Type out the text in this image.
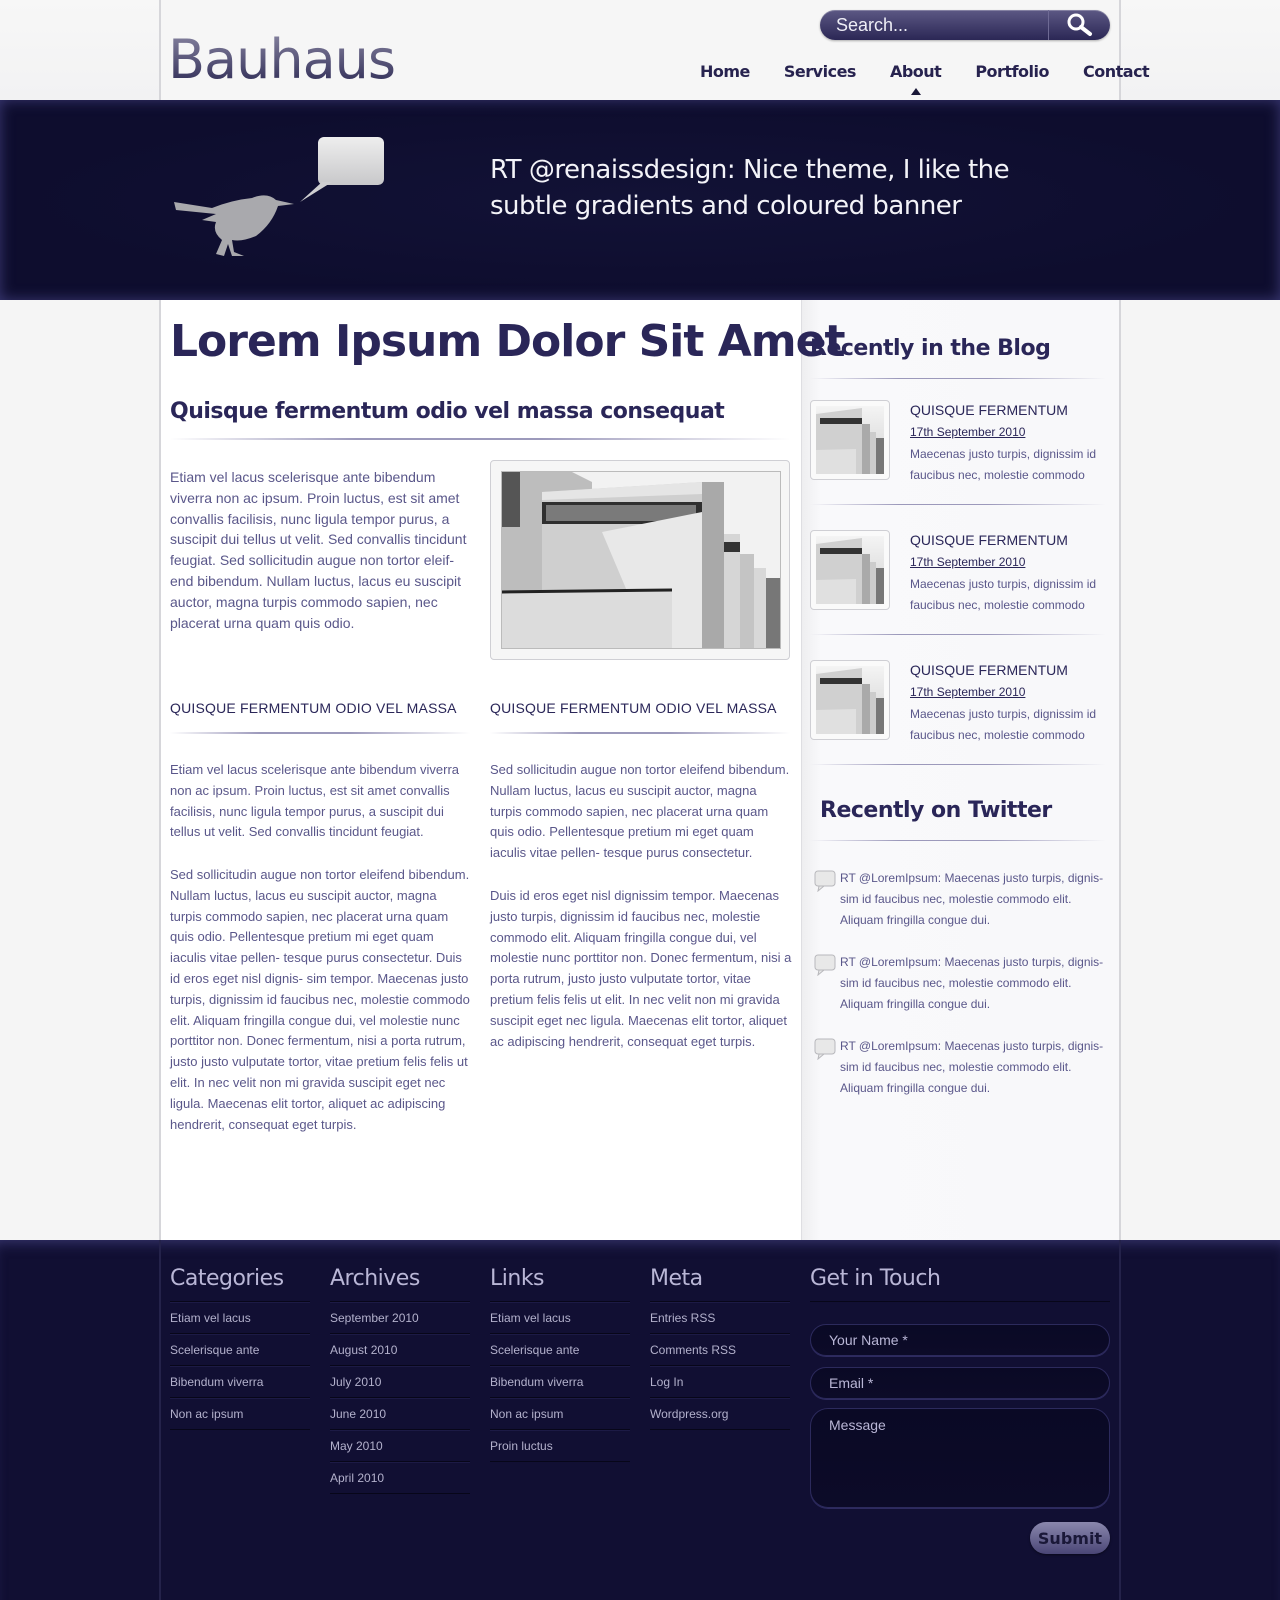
Bauhaus
Search...	Home Services About Portfolio Contact
RT @renaissdesign: Nice theme, I like the subtle gradients and coloured banner
Lorem Ipsum Dolor Sit Amet
Quisque fermentum odio vel massa consequat

Etiam vel lacus scelerisque ante bibendum viverra non ac ipsum. Proin luctus, est sit amet convallis facilisis, nunc ligula tempor purus, a suscipit dui tellus ut velit. Sed convallis tincidunt feugiat. Sed sollicitudin augue non tortor eleif- end bibendum. Nullam luctus, lacus eu suscipit auctor, magna turpis commodo sapien, nec placerat urna quam quis odio.

QUISQUE FERMENTUM ODIO VEL MASSA

Etiam vel lacus scelerisque ante bibendum viverra non ac ipsum. Proin luctus, est sit amet convallis facilisis, nunc ligula tempor purus, a suscipit dui tellus ut velit. Sed convallis tincidunt feugiat.

Sed sollicitudin augue non tortor eleifend bibendum. Nullam luctus, lacus eu suscipit auctor, magna turpis commodo sapien, nec placerat urna quam quis odio. Pellentesque pretium mi eget quam iaculis vitae pellen- tesque purus consectetur. Duis id eros eget nisl dignis- sim tempor. Maecenas justo turpis, dignissim id faucibus nec, molestie commodo elit. Aliquam fringilla congue dui, vel molestie nunc porttitor non. Donec fermentum, nisi a porta rutrum, justo justo vulputate tortor, vitae pretium felis felis ut elit. In nec velit non mi gravida suscipit eget nec ligula. Maecenas elit tortor, aliquet ac adipiscing hendrerit, consequat eget turpis.

QUISQUE FERMENTUM ODIO VEL MASSA

Sed sollicitudin augue non tortor eleifend bibendum. Nullam luctus, lacus eu suscipit auctor, magna turpis commodo sapien, nec placerat urna quam quis odio. Pellentesque pretium mi eget quam iaculis vitae pellen- tesque purus consectetur.

Duis id eros eget nisl dignissim tempor. Maecenas justo turpis, dignissim id faucibus nec, molestie commodo elit. Aliquam fringilla congue dui, vel molestie nunc porttitor non. Donec fermentum, nisi a porta rutrum, justo justo vulputate tortor, vitae pretium felis felis ut elit. In nec velit non mi gravida suscipit eget nec ligula. Maecenas elit tortor, aliquet ac adipiscing hendrerit, consequat eget turpis.

Recently in the Blog
QUISQUE FERMENTUM
17th September 2010
Maecenas justo turpis, dignissim id faucibus nec, molestie commodo
QUISQUE FERMENTUM
17th September 2010
Maecenas justo turpis, dignissim id faucibus nec, molestie commodo
QUISQUE FERMENTUM
17th September 2010
Maecenas justo turpis, dignissim id faucibus nec, molestie commodo
Recently on Twitter
RT @LoremIpsum: Maecenas justo turpis, dignis- sim id faucibus nec, molestie commodo elit. Aliquam fringilla congue dui.
RT @LoremIpsum: Maecenas justo turpis, dignis- sim id faucibus nec, molestie commodo elit. Aliquam fringilla congue dui.
RT @LoremIpsum: Maecenas justo turpis, dignis- sim id faucibus nec, molestie commodo elit. Aliquam fringilla congue dui.
Categories
Etiam vel lacus
Scelerisque ante
Bibendum viverra
Non ac ipsum
Archives
September 2010
August 2010
July 2010
June 2010
May 2010
April 2010
Links
Etiam vel lacus
Scelerisque ante
Bibendum viverra
Non ac ipsum
Proin luctus
Meta
Entries RSS
Comments RSS
Log In
Wordpress.org
Get in Touch
Your Name *
Email *
Message
Submit
